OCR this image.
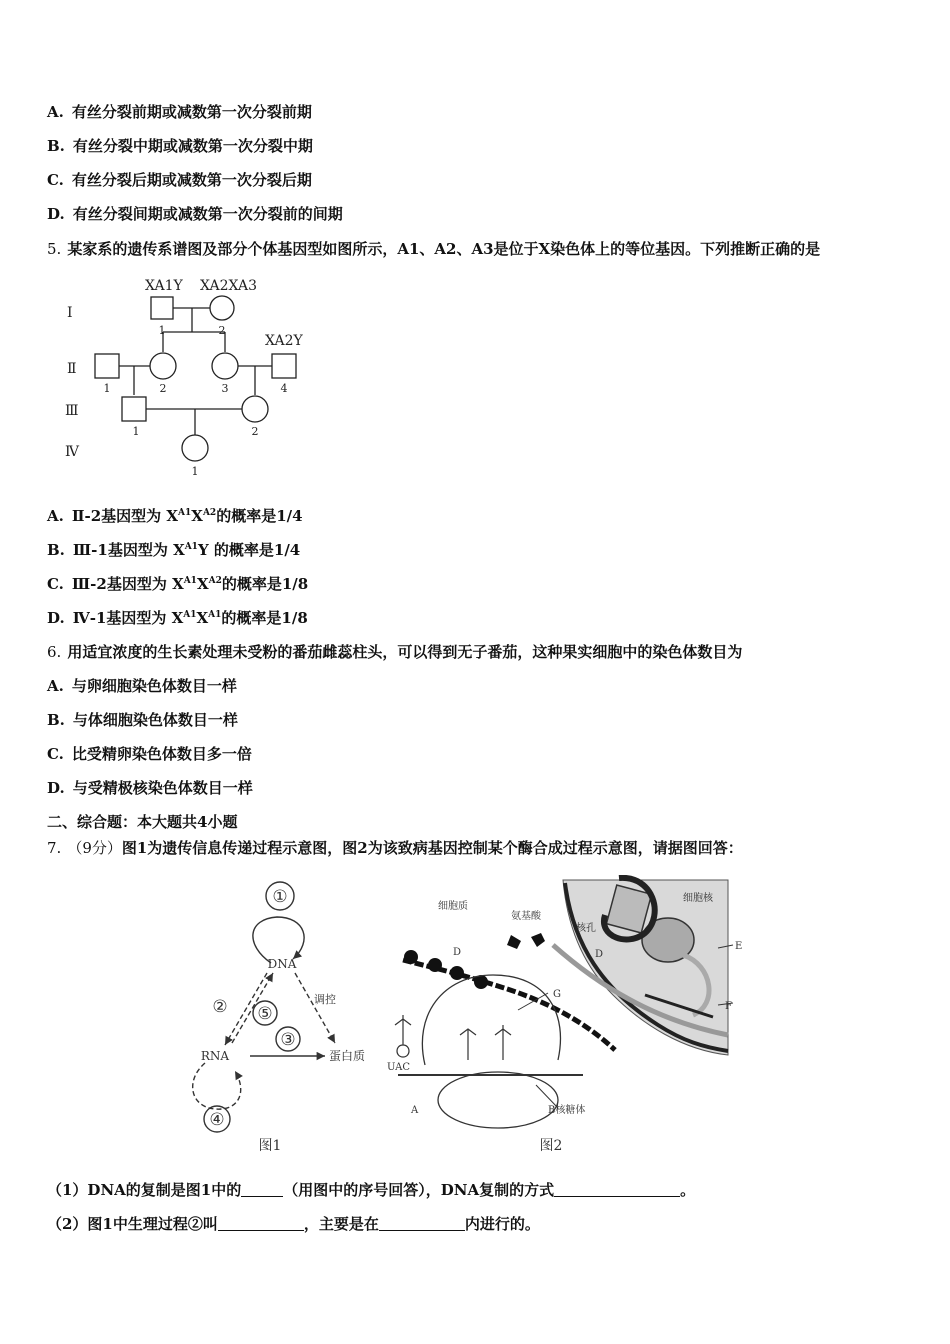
A. 有丝分裂前期或减数第一次分裂前期
B. 有丝分裂中期或减数第一次分裂中期
C. 有丝分裂后期或减数第一次分裂后期
D. 有丝分裂间期或减数第一次分裂前的间期
5. 某家系的遗传系谱图及部分个体基因型如图所示，A1、A2、A3是位于X染色体上的等位基因。下列推断正确的是
Ⅰ
Ⅱ
Ⅲ
Ⅳ
XA1Y XA2XA3
XA2Y
1	2
1	2	3	4
1	2
1
A. Ⅱ-2基因型为 $X^{A1}X^{A2}$的概率是1/4
B. Ⅲ-1基因型为 $X^{A1}Y$ 的概率是1/4
C. Ⅲ-2基因型为 $X^{A1}X^{A2}$的概率是1/8
D. Ⅳ-1基因型为 $X^{A1}X^{A1}$的概率是1/8
6. 用适宜浓度的生长素处理未受粉的番茄雌蕊柱头，可以得到无子番茄，这种果实细胞中的染色体数目为
A. 与卵细胞染色体数目一样
B. 与体细胞染色体数目一样
C. 比受精卵染色体数目多一倍
D. 与受精极核染色体数目一样
二、综合题：本大题共4小题
7. （9分）图1为遗传信息传递过程示意图，图2为该致病基因控制某个酶合成过程示意图，请据图回答：
①
DNA
② ⑤
调控
③
RNA	蛋白质
④
图1
细胞质
氨基酸
细胞核
核孔
D	D
E
F
G
UAC
A	B核糖体
图2
（1）DNA的复制是图1中的	（用图中的序号回答），DNA复制的方式	。
（2）图1中生理过程②叫	，主要是在	内进行的。
